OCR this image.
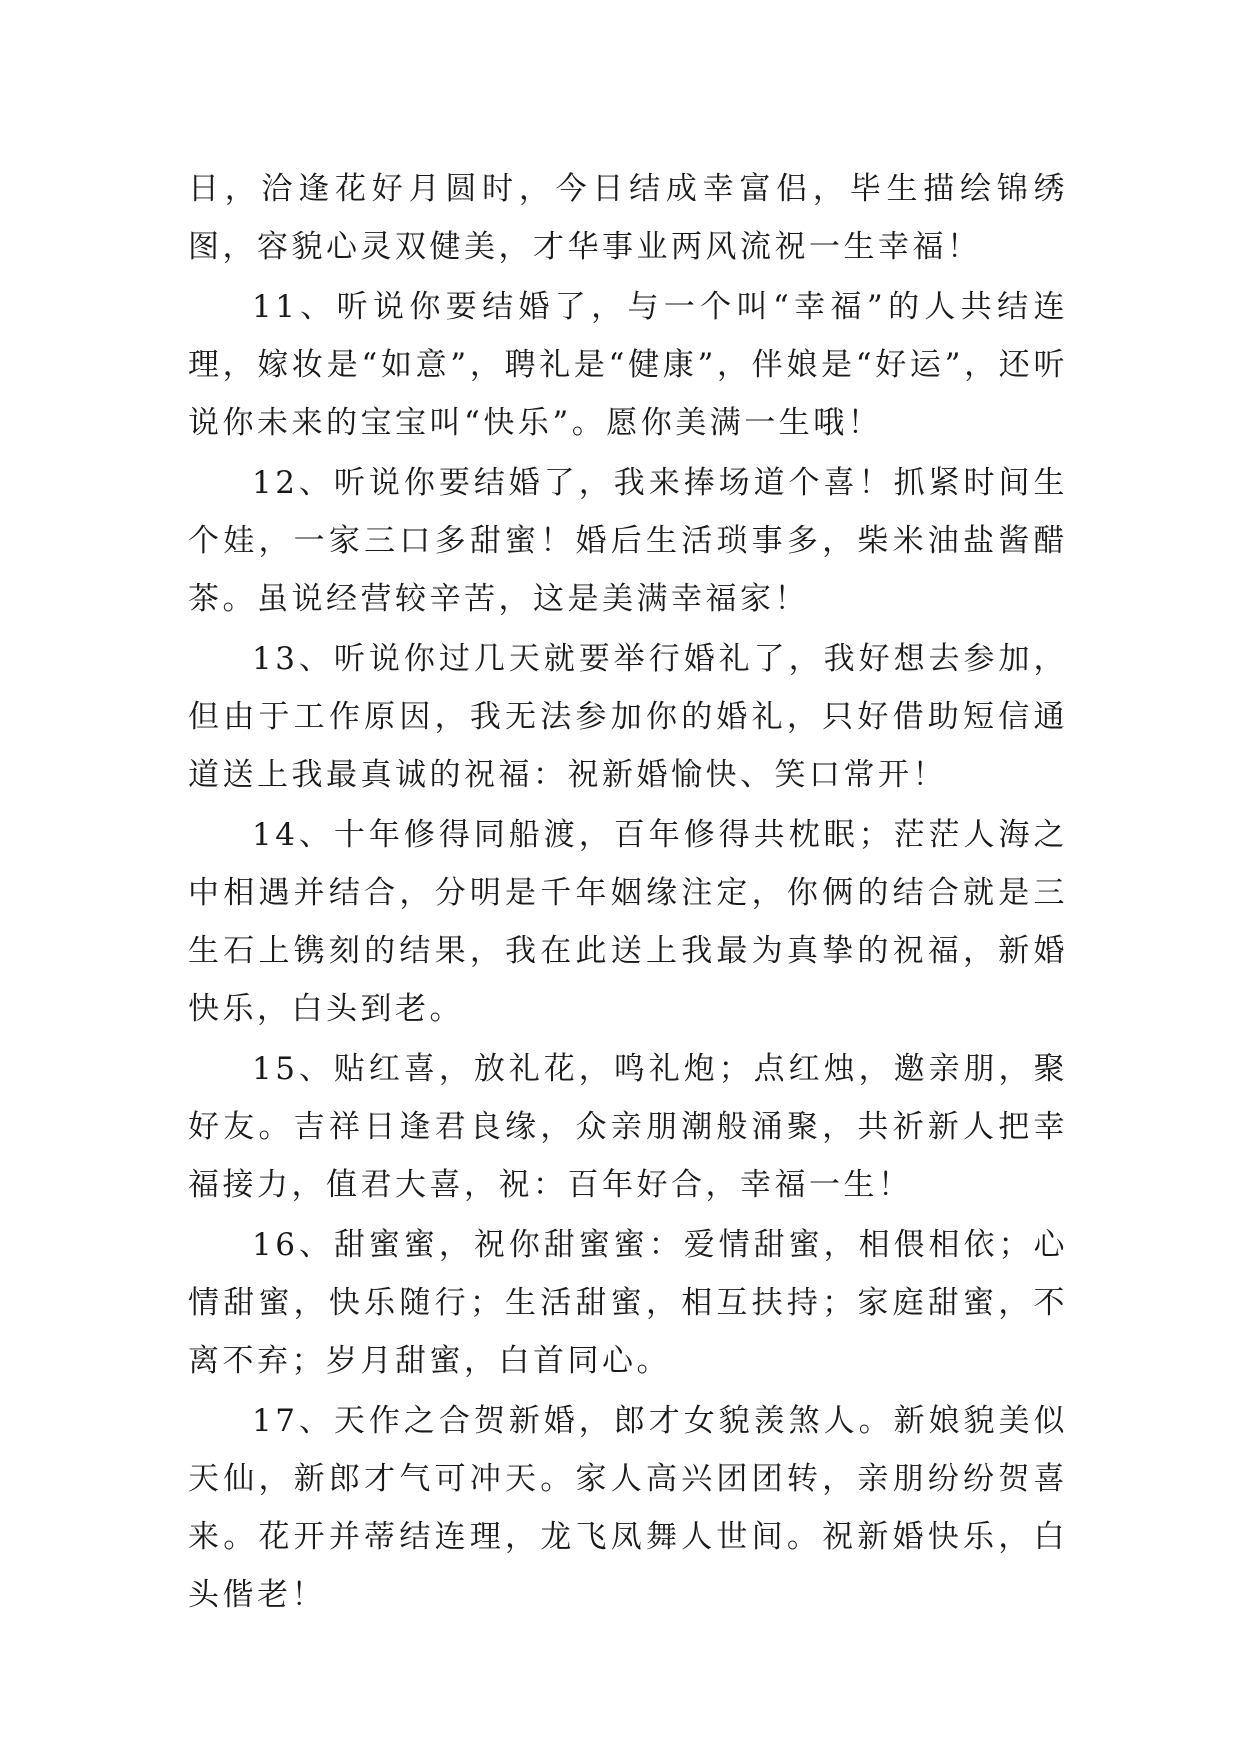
日，洽逢花好月圆时，今日结成幸富侣，毕生描绘锦绣图，容貌心灵双健美，才华事业两风流祝一生幸福！

11、听说你要结婚了，与一个叫“幸福”的人共结连理，嫁妆是“如意”，聘礼是“健康”，伴娘是“好运”，还听说你未来的宝宝叫“快乐”。愿你美满一生哦！

12、听说你要结婚了，我来捧场道个喜！抓紧时间生个娃，一家三口多甜蜜！婚后生活琐事多，柴米油盐酱醋茶。虽说经营较辛苦，这是美满幸福家！

13、听说你过几天就要举行婚礼了，我好想去参加，但由于工作原因，我无法参加你的婚礼，只好借助短信通道送上我最真诚的祝福：祝新婚愉快、笑口常开！

14、十年修得同船渡，百年修得共枕眠；茫茫人海之中相遇并结合，分明是千年姻缘注定，你俩的结合就是三生石上镌刻的结果，我在此送上我最为真挚的祝福，新婚快乐，白头到老。

15、贴红喜，放礼花，鸣礼炮；点红烛，邀亲朋，聚好友。吉祥日逢君良缘，众亲朋潮般涌聚，共祈新人把幸福接力，值君大喜，祝：百年好合，幸福一生！

16、甜蜜蜜，祝你甜蜜蜜：爱情甜蜜，相偎相依；心情甜蜜，快乐随行；生活甜蜜，相互扶持；家庭甜蜜，不离不弃；岁月甜蜜，白首同心。

17、天作之合贺新婚，郎才女貌羡煞人。新娘貌美似天仙，新郎才气可冲天。家人高兴团团转，亲朋纷纷贺喜来。花开并蒂结连理，龙飞凤舞人世间。祝新婚快乐，白头偕老！
